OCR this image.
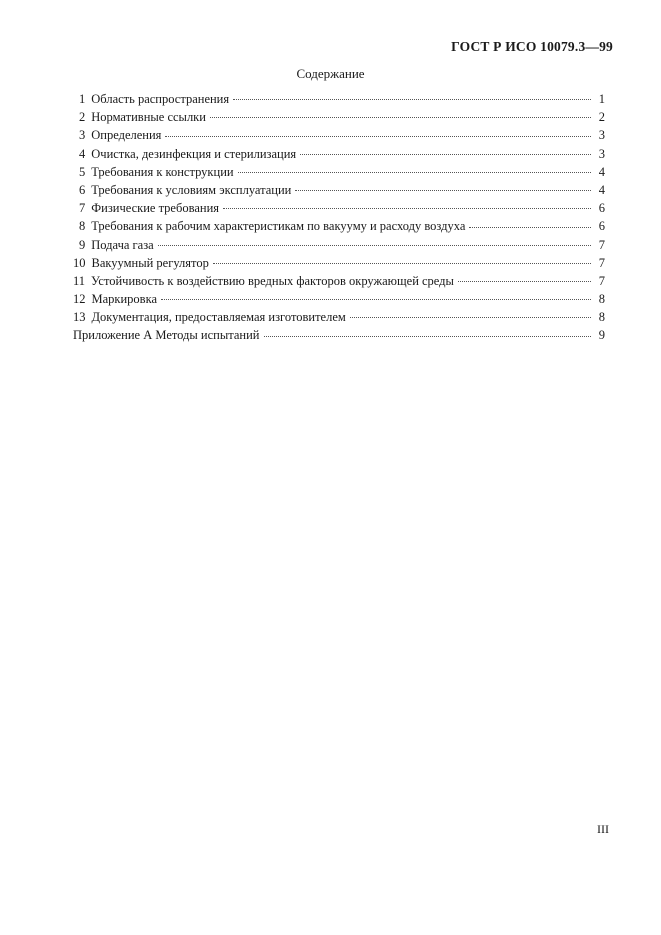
ГОСТ Р ИСО 10079.3—99
Содержание
1 Область распространения	1
2 Нормативные ссылки	2
3 Определения	3
4 Очистка, дезинфекция и стерилизация	3
5 Требования к конструкции	4
6 Требования к условиям эксплуатации	4
7 Физические требования	6
8 Требования к рабочим характеристикам по вакууму и расходу воздуха	6
9 Подача газа	7
10 Вакуумный регулятор	7
11 Устойчивость к воздействию вредных факторов окружающей среды	7
12 Маркировка	8
13 Документация, предоставляемая изготовителем	8
Приложение А Методы испытаний	9
III
